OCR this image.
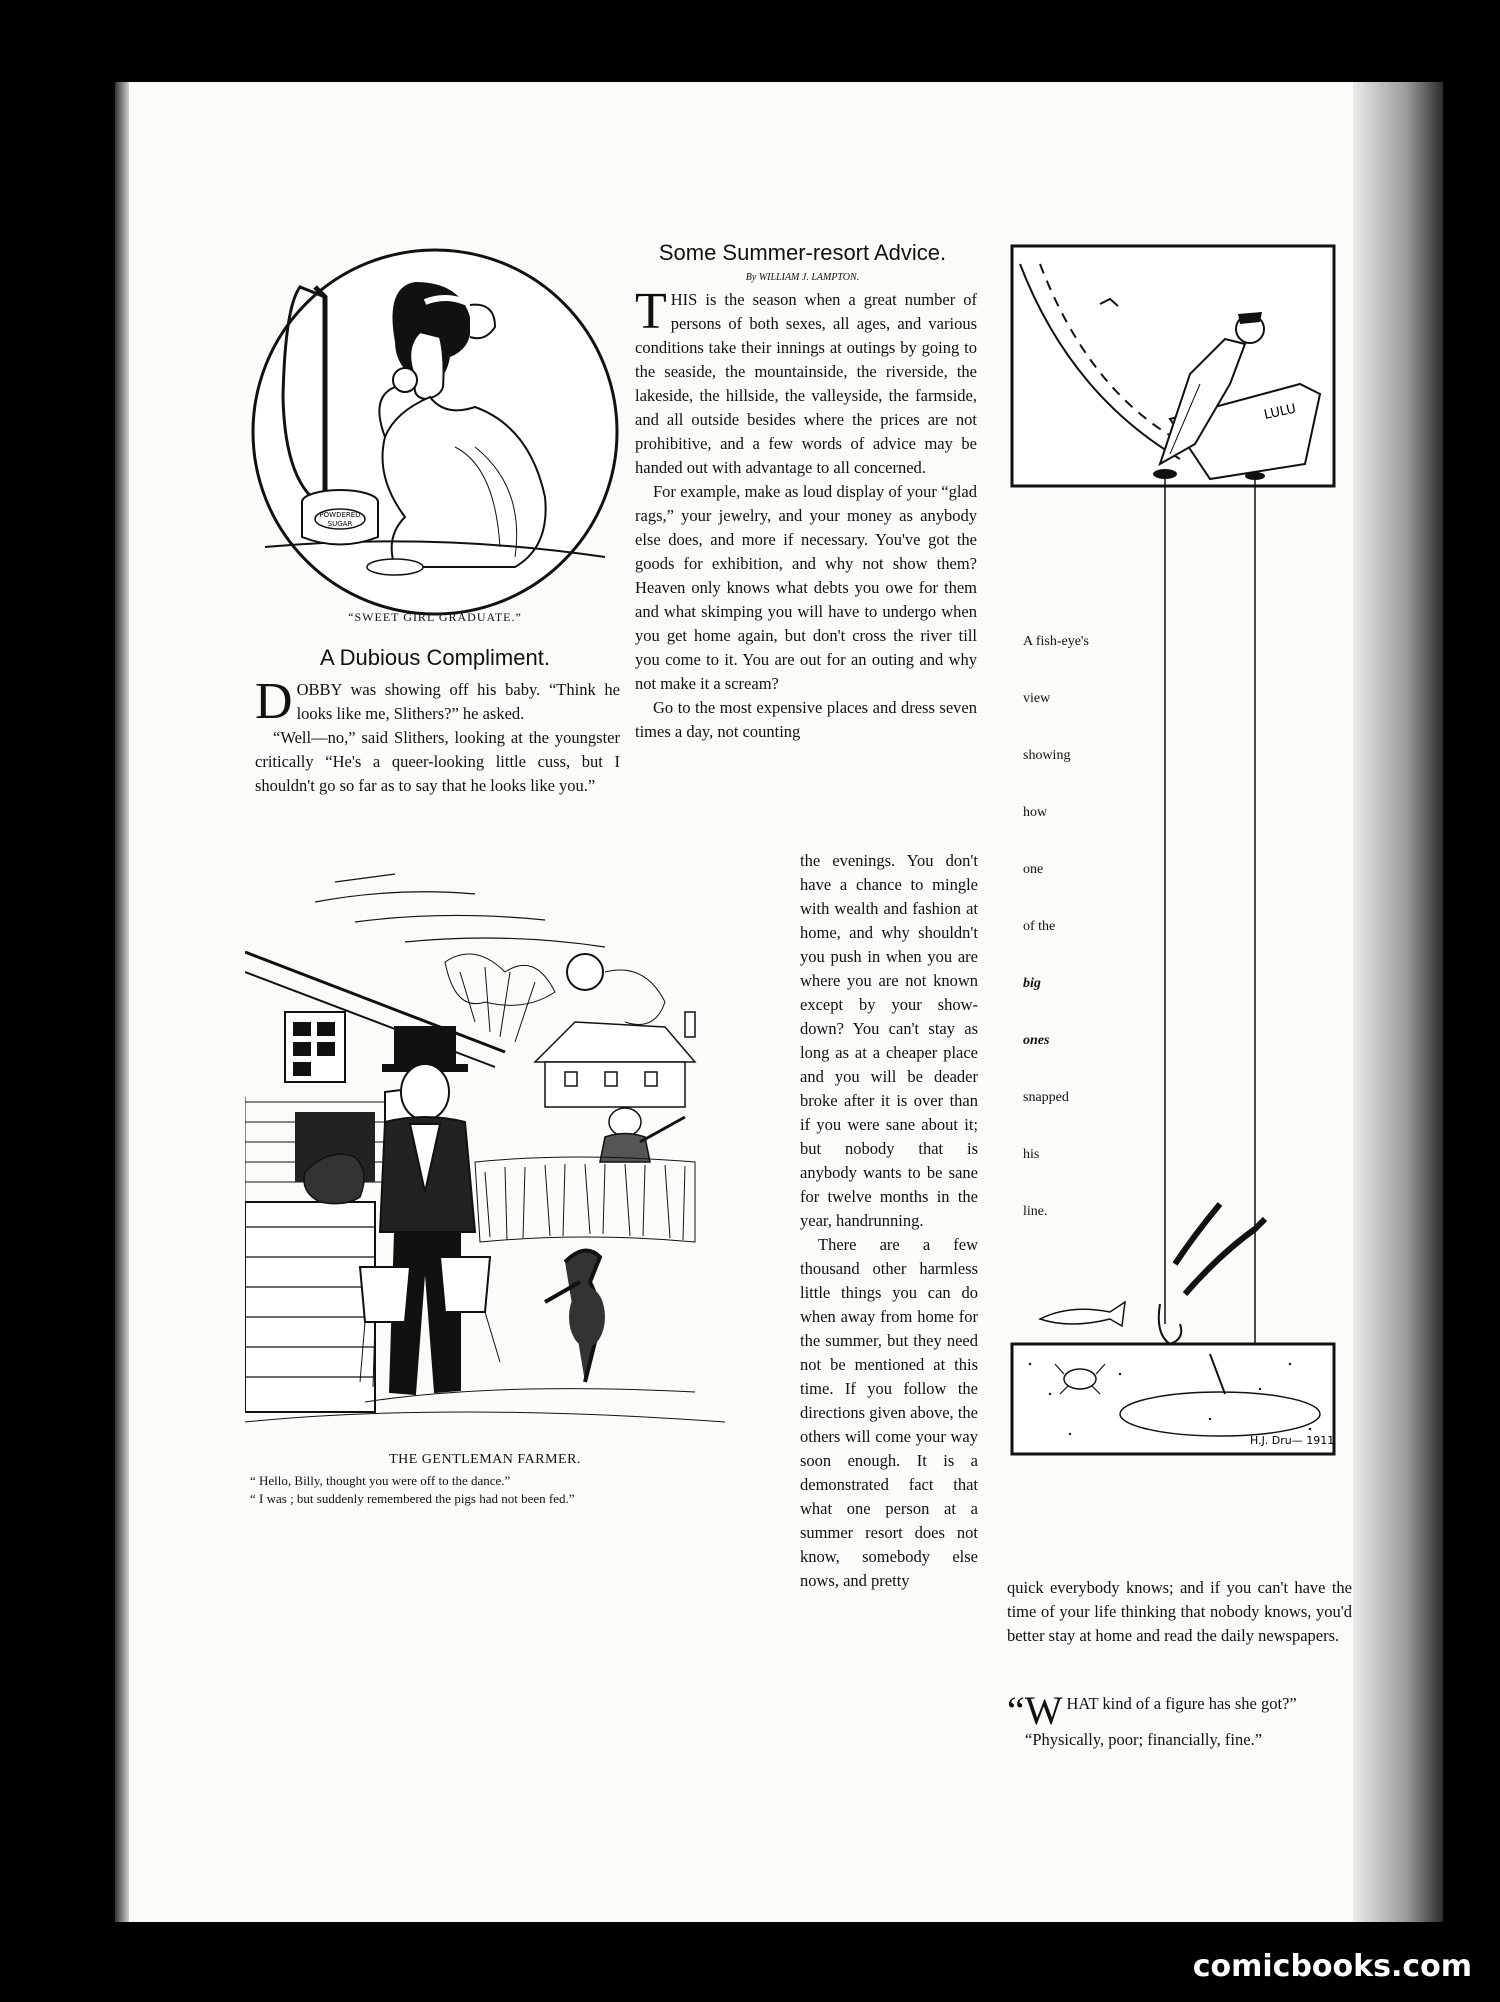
POWDERED
SUGAR
“SWEET GIRL GRADUATE.”
A Dubious Compliment.

DOBBY was showing off his baby. “Think he looks like me, Slithers?” he asked.

“Well—no,” said Slithers, looking at the youngster critically “He's a queer-looking little cuss, but I shouldn't go so far as to say that he looks like you.”

THE GENTLEMAN FARMER.
“ Hello, Billy, thought you were off to the dance.”
“ I was ; but suddenly remembered the pigs had not been fed.”
Some Summer-resort Advice.
By WILLIAM J. LAMPTON.

THIS is the season when a great number of persons of both sexes, all ages, and various conditions take their innings at outings by going to the seaside, the mountainside, the riverside, the lakeside, the hillside, the valleyside, the farmside, and all outside besides where the prices are not prohibitive, and a few words of advice may be handed out with advantage to all concerned.

For example, make as loud display of your “glad rags,” your jewelry, and your money as anybody else does, and more if necessary. You've got the goods for exhibition, and why not show them? Heaven only knows what debts you owe for them and what skimping you will have to undergo when you get home again, but don't cross the river till you come to it. You are out for an outing and why not make it a scream?

Go to the most expensive places and dress seven times a day, not counting

the evenings. You don't have a chance to mingle with wealth and fashion at home, and why shouldn't you push in when you are where you are not known except by your show-down? You can't stay as long as at a cheaper place and you will be deader broke after it is over than if you were sane about it; but nobody that is anybody wants to be sane for twelve months in the year, handrunning.

There are a few thousand other harmless little things you can do when away from home for the summer, but they need not be mentioned at this time. If you follow the directions given above, the others will come your way soon enough. It is a demonstrated fact that what one person at a summer resort does not know, somebody else nows, and pretty

LULU
H.J. Dru— 1911
A fish-eye's
view
showing
how
one
of the
big
ones
snapped
his
line.
quick everybody knows; and if you can't have the time of your life thinking that nobody knows, you'd better stay at home and read the daily newspapers.

“WHAT kind of a figure has she got?”

“Physically, poor; financially, fine.”

comicbooks.com
